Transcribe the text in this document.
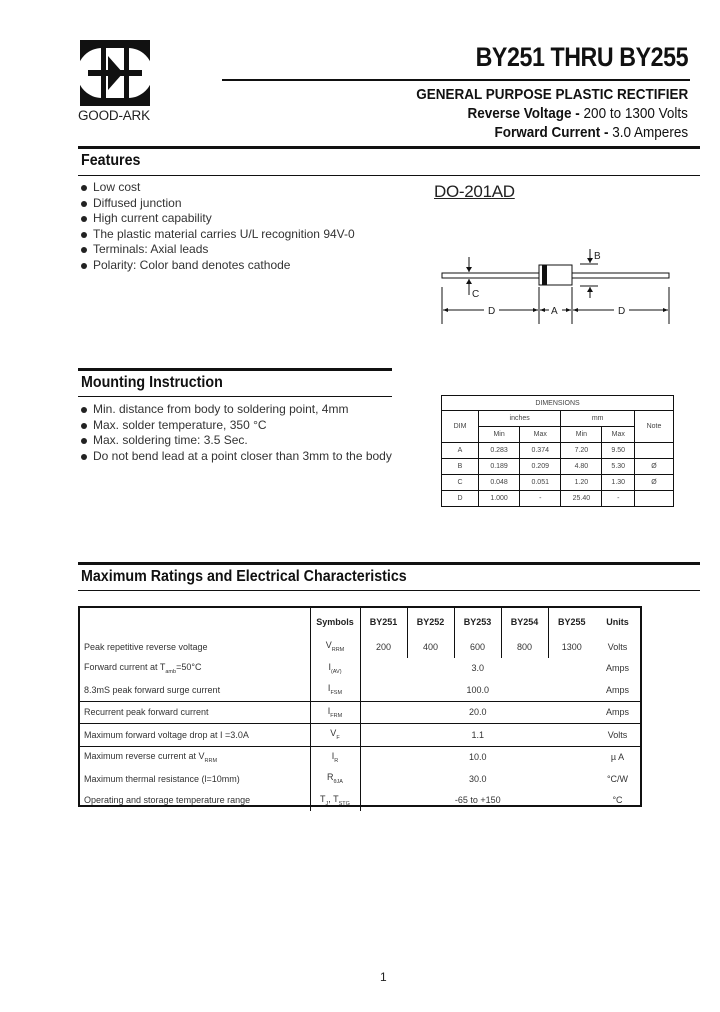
GOOD-ARK
BY251 THRU BY255
GENERAL PURPOSE PLASTIC RECTIFIER
Reverse Voltage - 200 to 1300 Volts
Forward Current - 3.0 Amperes
Features
Low cost
Diffused junction
High current capability
The plastic material carries U/L recognition 94V-0
Terminals: Axial leads
Polarity: Color band denotes cathode
DO-201AD
C
B
D	A	D
Mounting Instruction
Min. distance from body to soldering point, 4mm
Max. solder temperature, 350 °C
Max. soldering time: 3.5 Sec.
Do not bend lead at a point closer than 3mm to the body
DIMENSIONS					
DIM	inches		mm		Note
	Min	Max	Min	Max	
A	0.283	0.374	7.20	9.50	
B	0.189	0.209	4.80	5.30	Ø
C	0.048	0.051	1.20	1.30	Ø
D	1.000	-	25.40	-	
Maximum Ratings and Electrical Characteristics
	Symbols	BY251	BY252	BY253	BY254	BY255	Units
Peak repetitive reverse voltage	$V_{RRM}$	200	400	600	800	1300	Volts
Forward current at $T_{amb}=50^\circ C$	$I_{(AV)}$	3.0					Amps
8.3mS peak forward surge current	$I_{FSM}$	100.0					Amps
Recurrent peak forward current	$I_{FRM}$	20.0					Amps
Maximum forward voltage drop at I =3.0A	$V_F$	1.1					Volts
Maximum reverse current at $V_{RRM}$	$I_R$	10.0					µ A
Maximum thermal resistance (l=10mm)	$R_{\theta JA}$	30.0					°C/W
Operating and storage temperature range	$T_J$, $T_{STG}$	-65 to +150					°C
1
